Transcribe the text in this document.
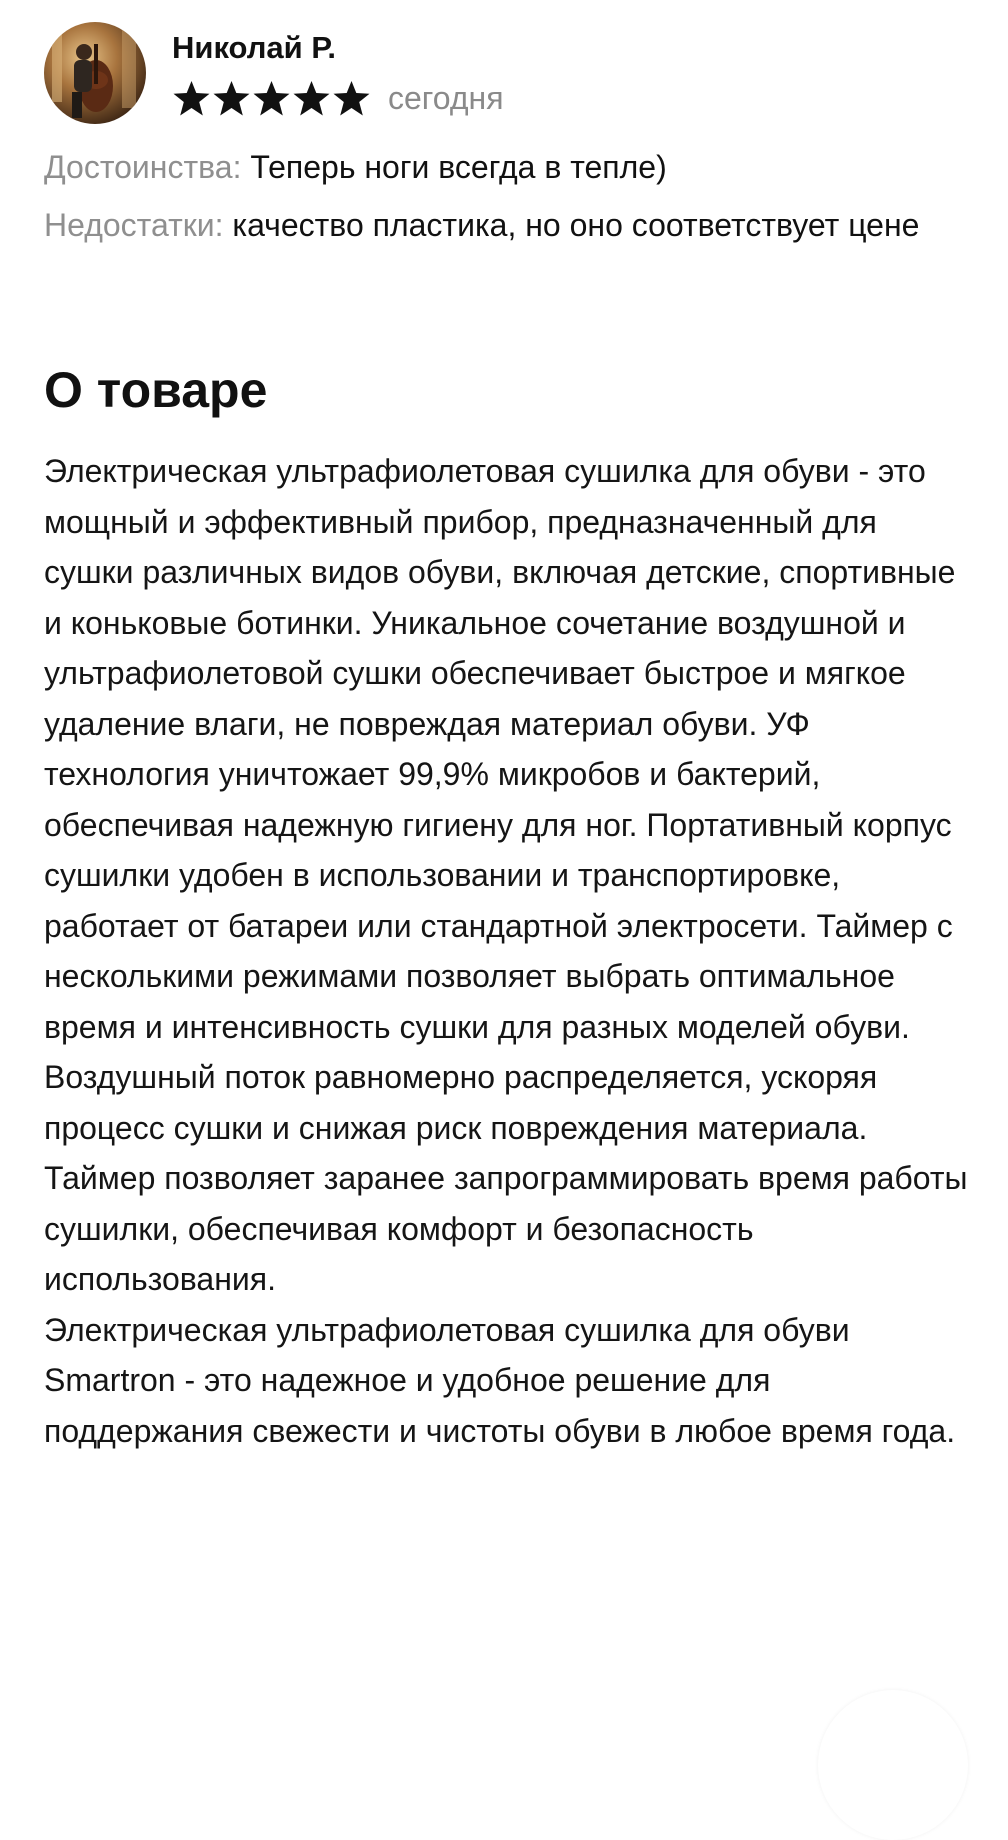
Николай Р.
сегодня
Достоинства: Теперь ноги всегда в тепле)
Недостатки: качество пластика, но оно соответствует цене
О товаре
Электрическая ультрафиолетовая сушилка для обуви - это мощный и эффективный прибор, предназначенный для сушки различных видов обуви, включая детские, спортивные и коньковые ботинки. Уникальное сочетание воздушной и ультрафиолетовой сушки обеспечивает быстрое и мягкое удаление влаги, не повреждая материал обуви. УФ технология уничтожает 99,9% микробов и бактерий, обеспечивая надежную гигиену для ног. Портативный корпус сушилки удобен в использовании и транспортировке, работает от батареи или стандартной электросети. Таймер с несколькими режимами позволяет выбрать оптимальное время и интенсивность сушки для разных моделей обуви.
Воздушный поток равномерно распределяется, ускоряя процесс сушки и снижая риск повреждения материала.
Таймер позволяет заранее запрограммировать время работы сушилки, обеспечивая комфорт и безопасность использования.
Электрическая ультрафиолетовая сушилка для обуви Smartron - это надежное и удобное решение для поддержания свежести и чистоты обуви в любое время года.
